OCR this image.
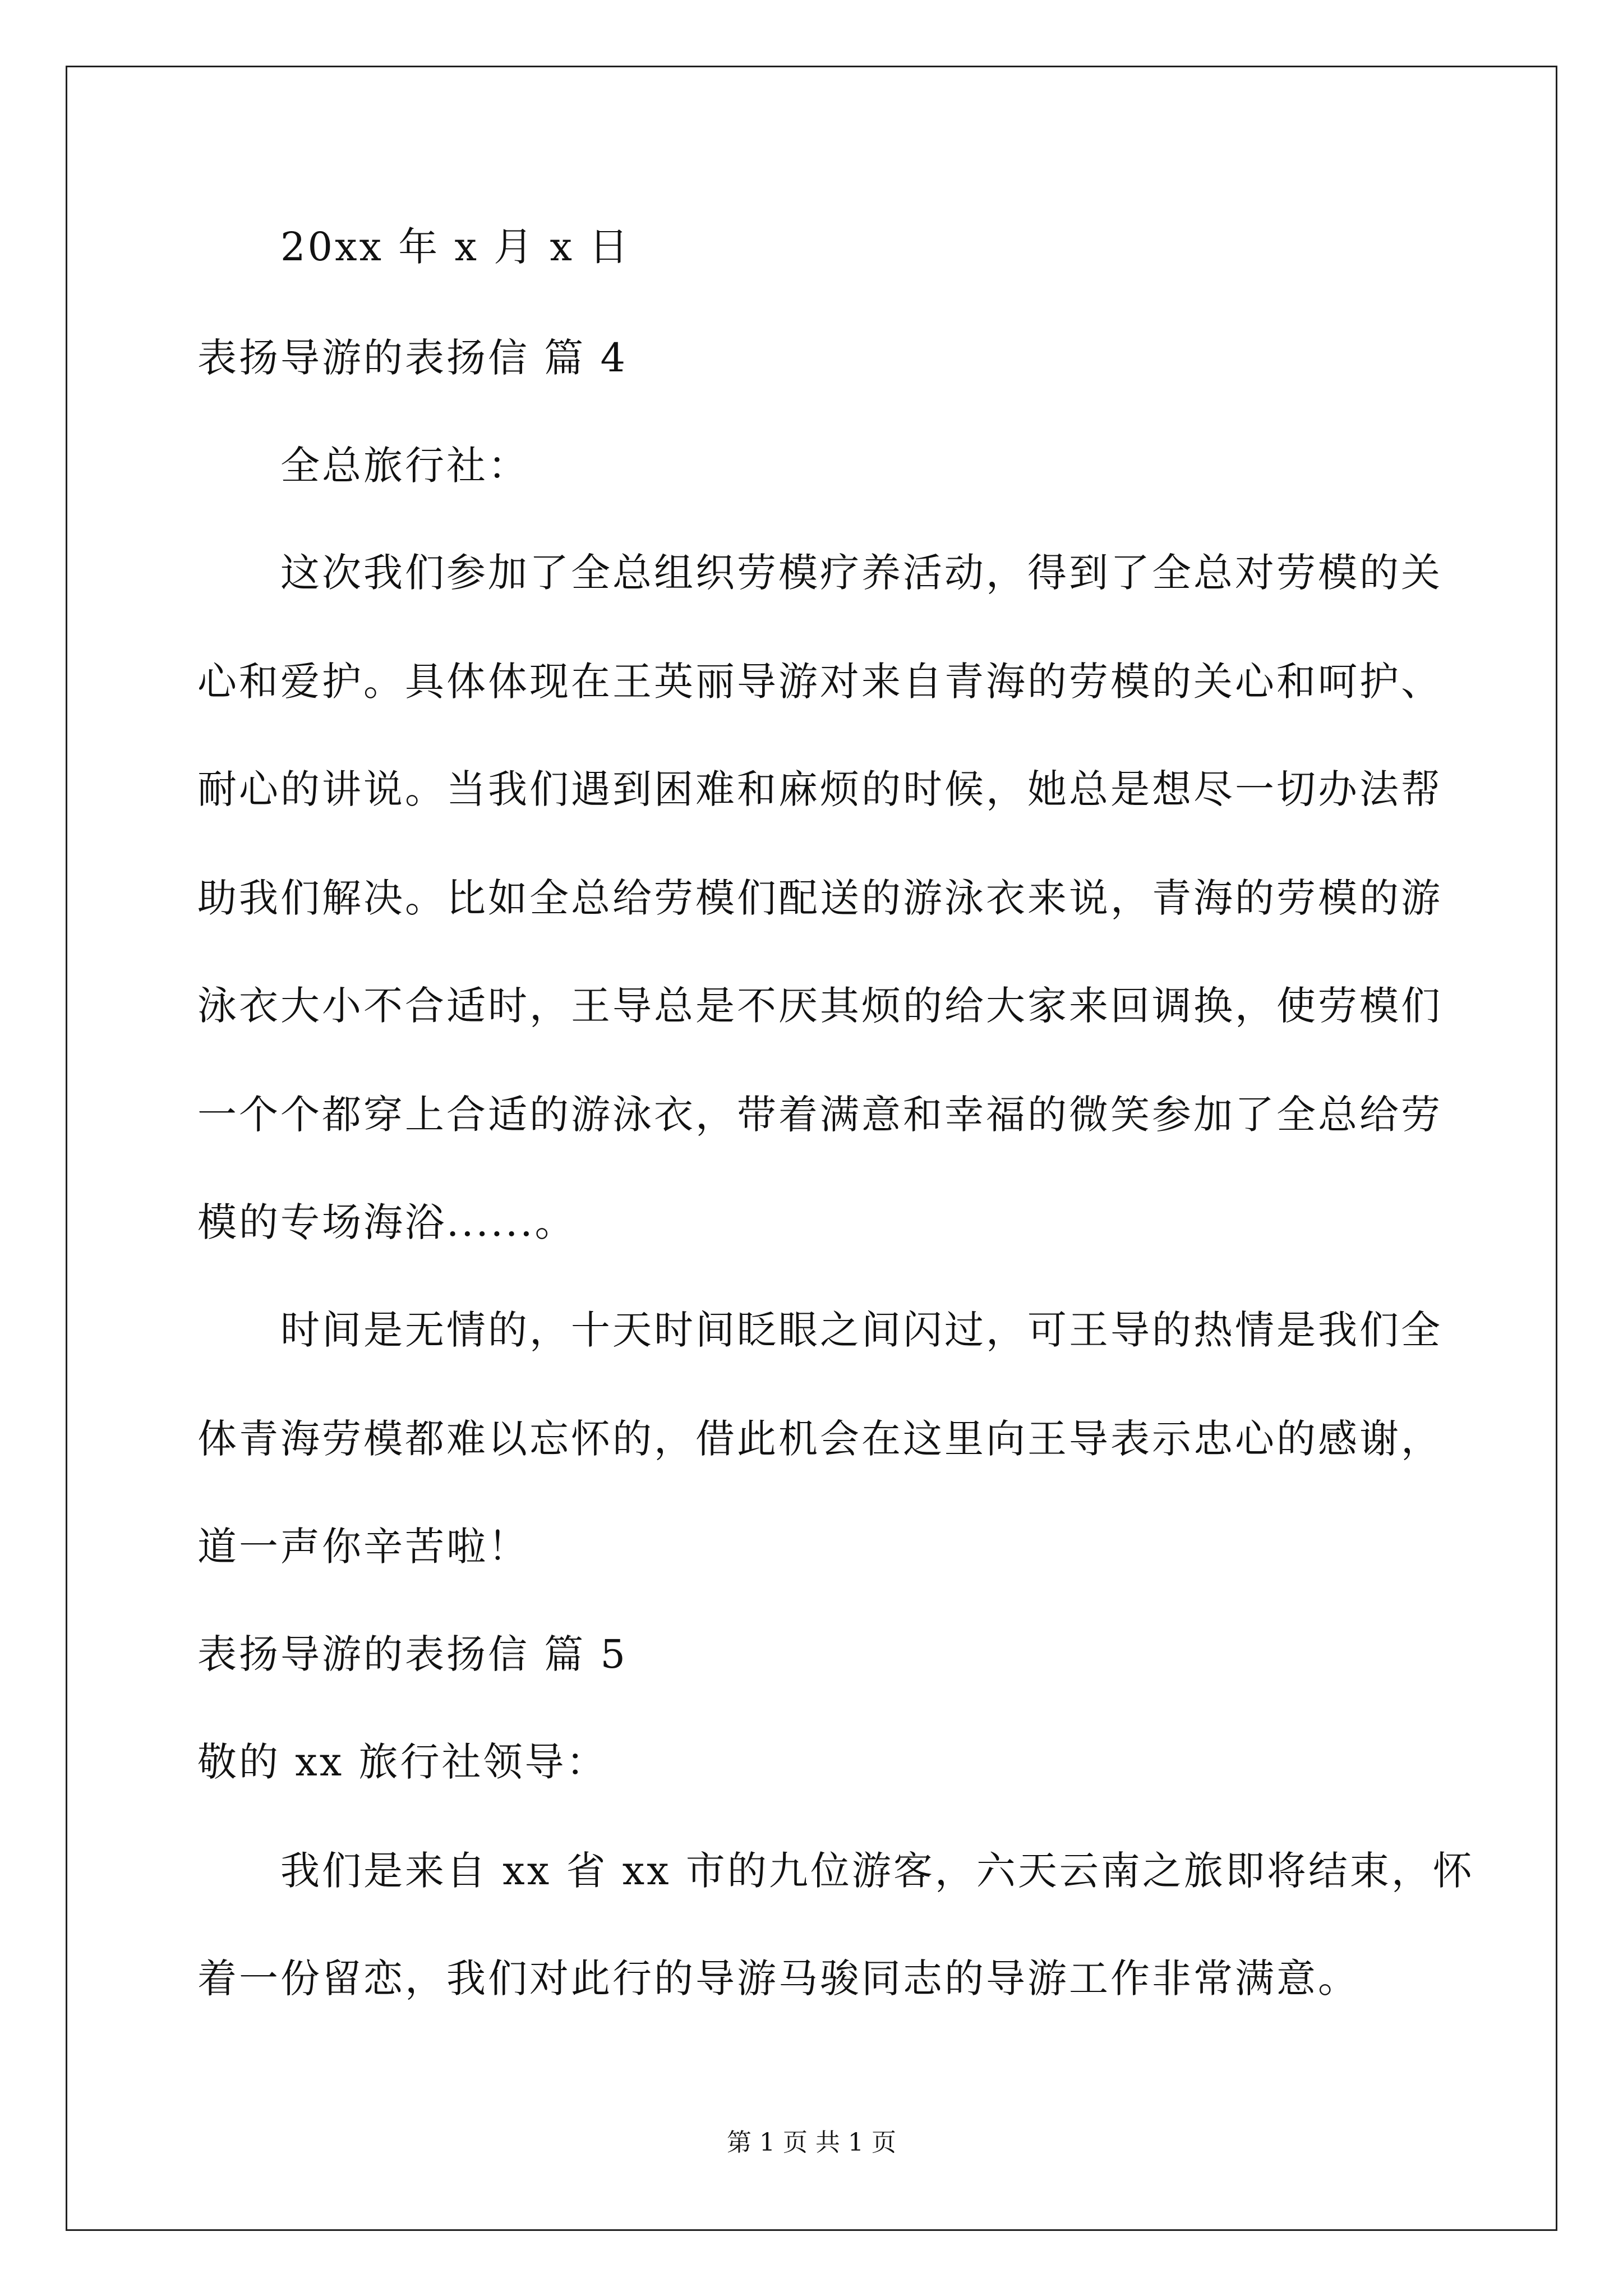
20xx 年 x 月 x 日
表扬导游的表扬信 篇 4
全总旅行社：
这次我们参加了全总组织劳模疗养活动，得到了全总对劳模的关
心和爱护。具体体现在王英丽导游对来自青海的劳模的关心和呵护、
耐心的讲说。当我们遇到困难和麻烦的时候，她总是想尽一切办法帮
助我们解决。比如全总给劳模们配送的游泳衣来说，青海的劳模的游
泳衣大小不合适时，王导总是不厌其烦的给大家来回调换，使劳模们
一个个都穿上合适的游泳衣，带着满意和幸福的微笑参加了全总给劳
模的专场海浴......。
时间是无情的，十天时间眨眼之间闪过，可王导的热情是我们全
体青海劳模都难以忘怀的，借此机会在这里向王导表示忠心的感谢，
道一声你辛苦啦！
表扬导游的表扬信 篇 5
敬的 xx 旅行社领导：
我们是来自 xx 省 xx 市的九位游客，六天云南之旅即将结束，怀
着一份留恋，我们对此行的导游马骏同志的导游工作非常满意。
第 1 页 共 1 页
